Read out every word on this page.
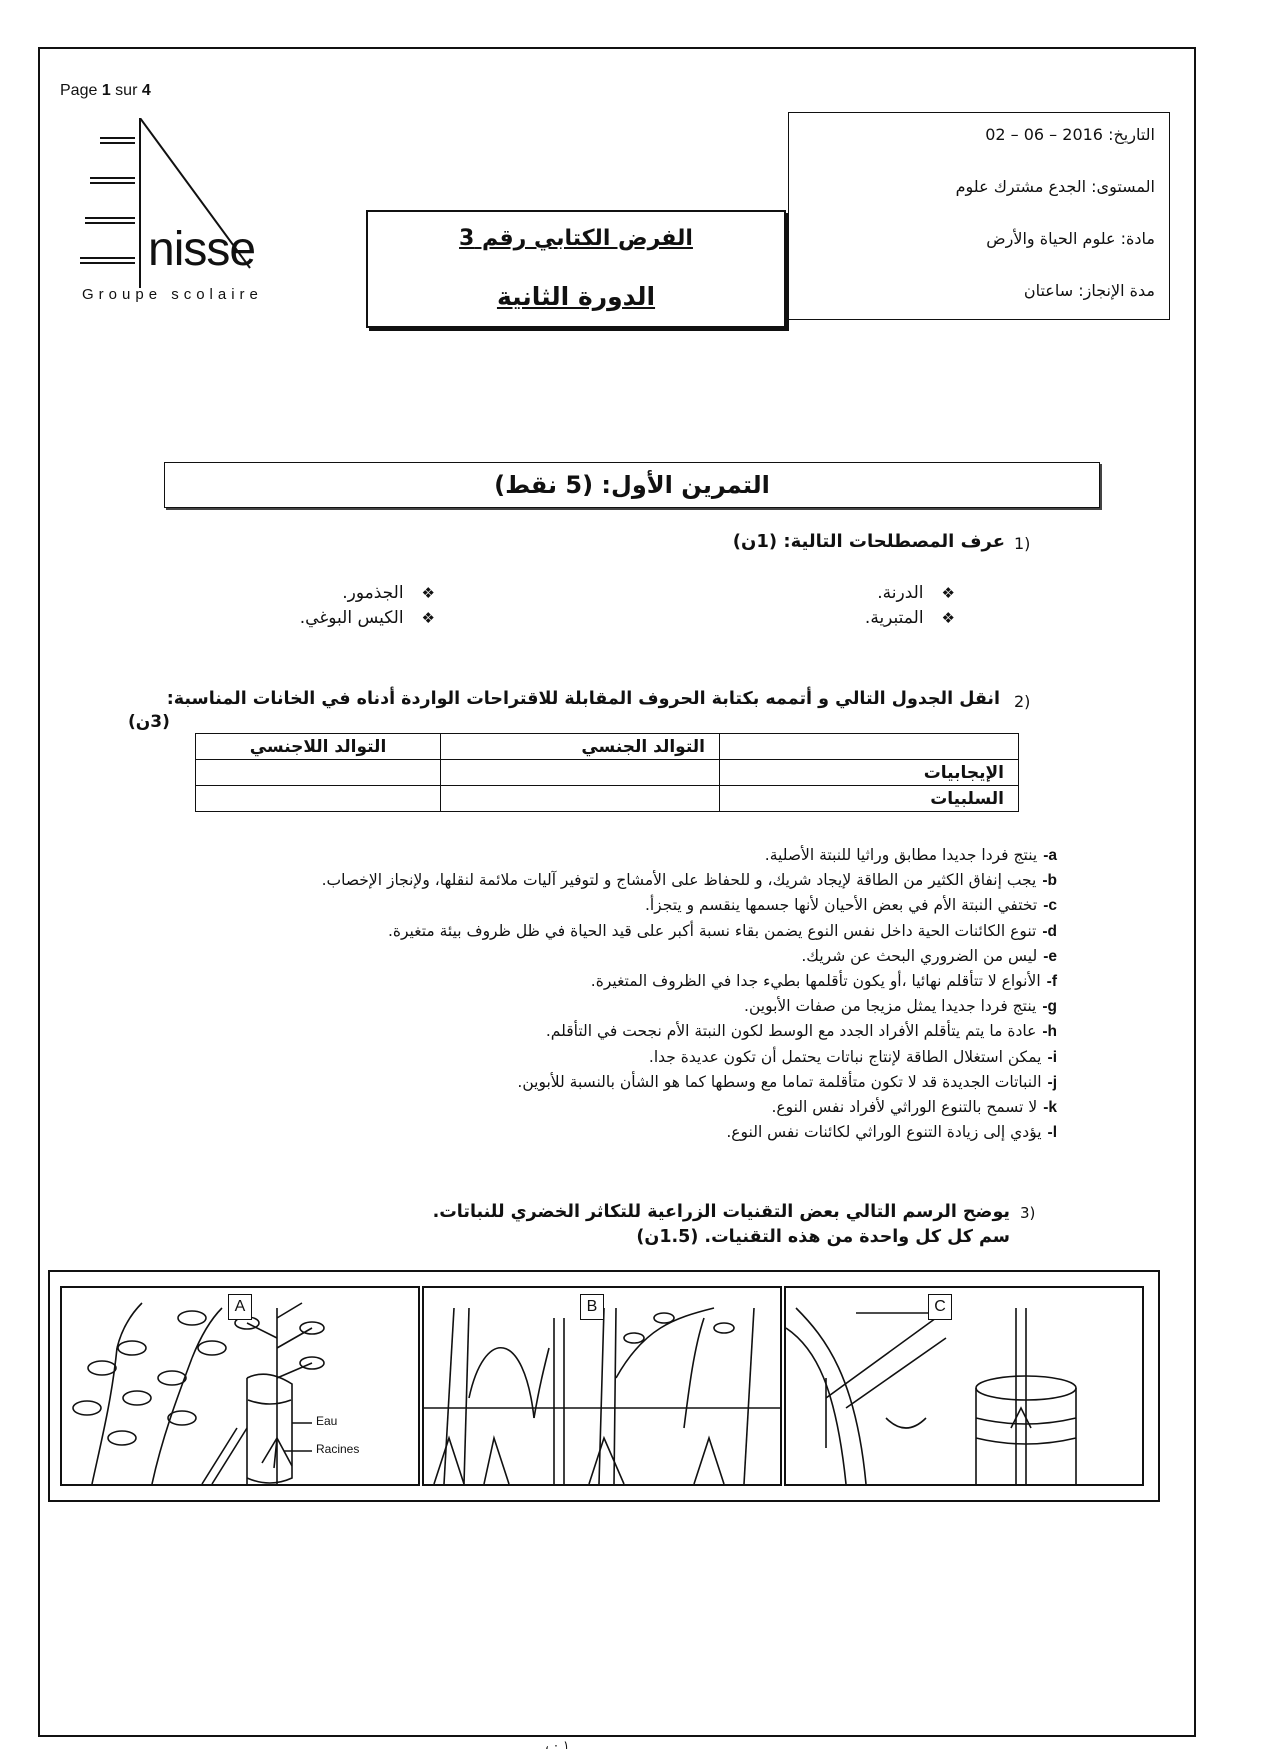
Page 1 sur 4
nisse
Groupe scolaire
التاريخ: 2016 – 06 – 02
المستوى: الجدع مشترك علوم
مادة: علوم الحياة والأرض
مدة الإنجاز: ساعتان
الفرض الكتابي رقم 3
الدورة الثانية
التمرين الأول: (5 نقط)
1)
عرف المصطلحات التالية: (1ن)
❖الدرنة.
❖الجذمور.
❖المتبرية.
❖الكيس البوغي.
2)
انقل الجدول التالي و أتممه بكتابة الحروف المقابلة للاقتراحات الواردة أدناه في الخانات المناسبة:
(3ن)
	التوالد الجنسي	التوالد اللاجنسي
الإيجابيات		
السلبيات		
a-ينتج فردا جديدا مطابق وراثيا للنبتة الأصلية.
b-يجب إنفاق الكثير من الطاقة لإيجاد شريك، و للحفاظ على الأمشاج و لتوفير آليات ملائمة لنقلها، ولإنجاز الإخصاب.
c-تختفي النبتة الأم في بعض الأحيان لأنها جسمها ينقسم و يتجزأ.
d-تنوع الكائنات الحية داخل نفس النوع يضمن بقاء نسبة أكبر على قيد الحياة في ظل ظروف بيئة متغيرة.
e-ليس من الضروري البحث عن شريك.
f-الأنواع لا تتأقلم نهائيا ،أو يكون تأقلمها بطيء جدا في الظروف المتغيرة.
g-ينتج فردا جديدا يمثل مزيجا من صفات الأبوين.
h-عادة ما يتم يتأقلم الأفراد الجدد مع الوسط لكون النبتة الأم نجحت في التأقلم.
i-يمكن استغلال الطاقة لإنتاج نباتات يحتمل أن تكون عديدة جدا.
j-النباتات الجديدة قد لا تكون متأقلمة تماما مع وسطها كما هو الشأن بالنسبة للأبوين.
k-لا تسمح بالتنوع الوراثي لأفراد نفس النوع.
l-يؤدي إلى زيادة التنوع الوراثي لكائنات نفس النوع.
3)
يوضح الرسم التالي بعض التقنيات الزراعية للتكاثر الخضري للنباتات.
سم كل كل واحدة من هذه التقنيات. (1.5ن)
A
Eau
Racines
B	C
، ١ ٠
